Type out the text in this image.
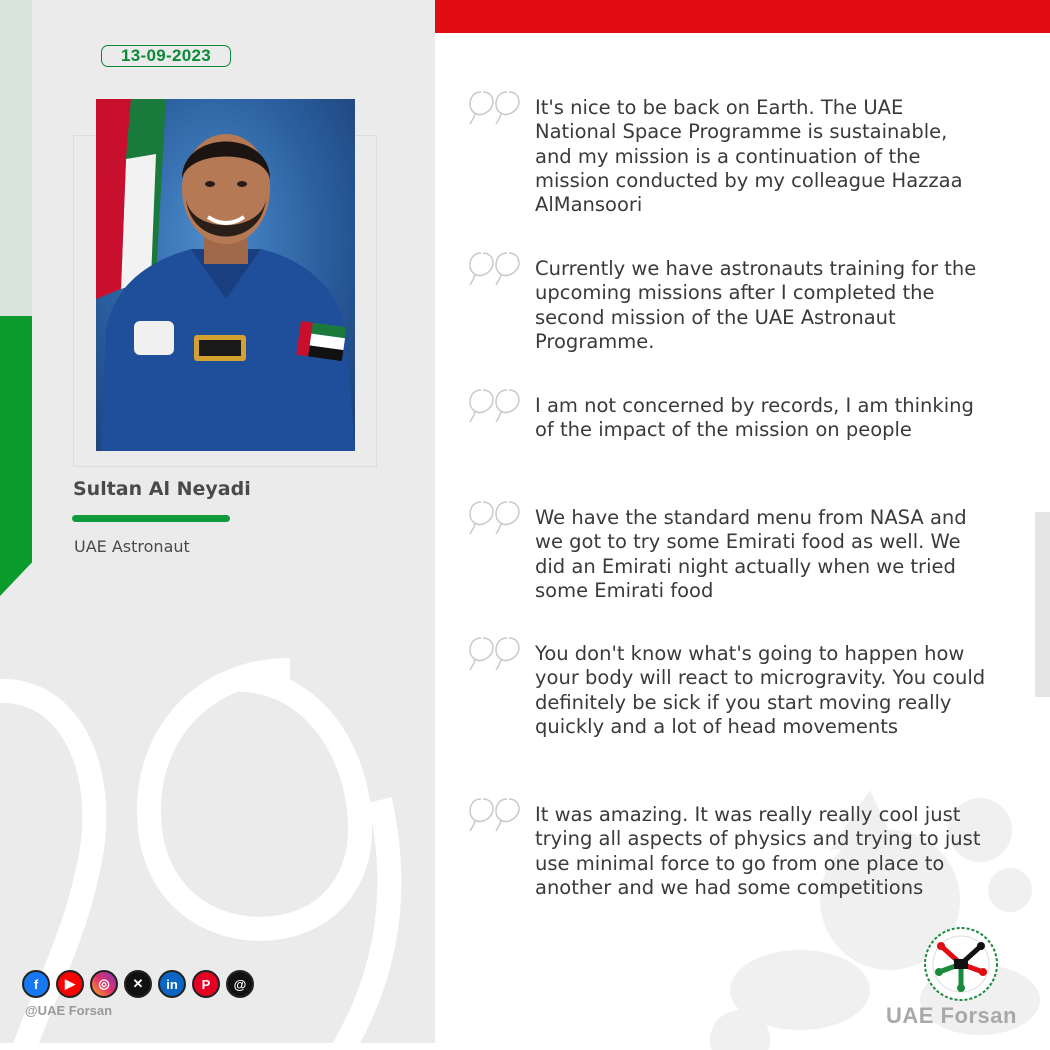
13-09-2023
Sultan Al Neyadi
UAE Astronaut
f	▶	◎	✕	in	P	@
@UAE Forsan
It's nice to be back on Earth. The UAE National Space Programme is sustainable, and my mission is a continuation of the mission conducted by my colleague Hazzaa AlMansoori
Currently we have astronauts training for the upcoming missions after I completed the second mission of the UAE Astronaut Programme.
I am not concerned by records, I am thinking of the impact of the mission on people
We have the standard menu from NASA and we got to try some Emirati food as well. We did an Emirati night actually when we tried some Emirati food
You don't know what's going to happen how your body will react to microgravity. You could definitely be sick if you start moving really quickly and a lot of head movements
It was amazing. It was really really cool just trying all aspects of physics and trying to just use minimal force to go from one place to another and we had some competitions
UAE Forsan
